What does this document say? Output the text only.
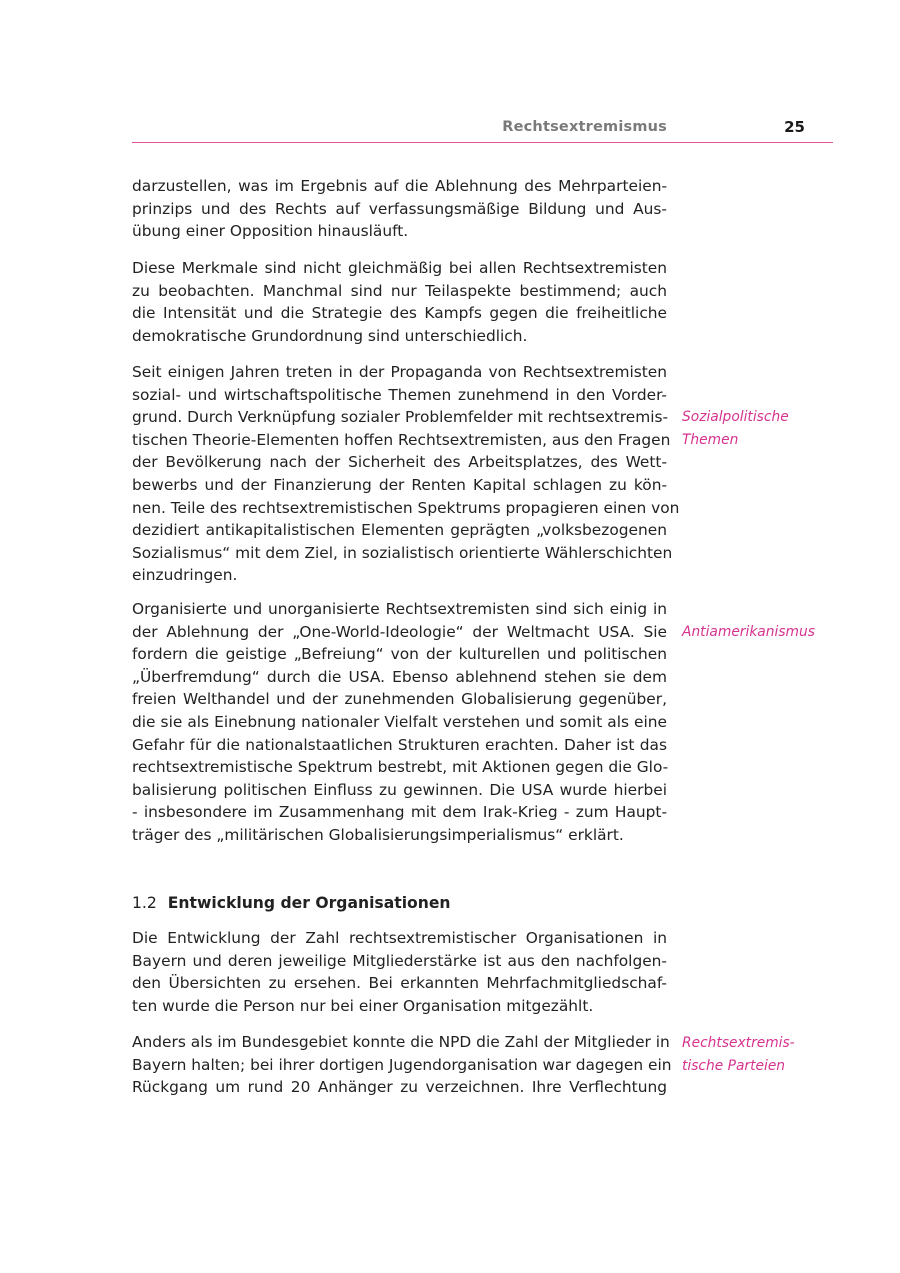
Rechtsextremismus	25

darzustellen, was im Ergebnis auf die Ablehnung des Mehrparteien-
prinzips und des Rechts auf verfassungsmäßige Bildung und Aus-
übung einer Opposition hinausläuft.

Diese Merkmale sind nicht gleichmäßig bei allen Rechtsextremisten
zu beobachten. Manchmal sind nur Teilaspekte bestimmend; auch
die Intensität und die Strategie des Kampfs gegen die freiheitliche
demokratische Grundordnung sind unterschiedlich.

Seit einigen Jahren treten in der Propaganda von Rechtsextremisten
sozial- und wirtschaftspolitische Themen zunehmend in den Vorder-
grund. Durch Verknüpfung sozialer Problemfelder mit rechtsextremis-
tischen Theorie-Elementen hoffen Rechtsextremisten, aus den Fragen
der Bevölkerung nach der Sicherheit des Arbeitsplatzes, des Wett-
bewerbs und der Finanzierung der Renten Kapital schlagen zu kön-
nen. Teile des rechtsextremistischen Spektrums propagieren einen von
dezidiert antikapitalistischen Elementen geprägten „volksbezogenen
Sozialismus“ mit dem Ziel, in sozialistisch orientierte Wählerschichten
einzudringen.

Organisierte und unorganisierte Rechtsextremisten sind sich einig in
der Ablehnung der „One-World-Ideologie“ der Weltmacht USA. Sie
fordern die geistige „Befreiung“ von der kulturellen und politischen
„Überfremdung“ durch die USA. Ebenso ablehnend stehen sie dem
freien Welthandel und der zunehmenden Globalisierung gegenüber,
die sie als Einebnung nationaler Vielfalt verstehen und somit als eine
Gefahr für die nationalstaatlichen Strukturen erachten. Daher ist das
rechtsextremistische Spektrum bestrebt, mit Aktionen gegen die Glo-
balisierung politischen Einfluss zu gewinnen. Die USA wurde hierbei
- insbesondere im Zusammenhang mit dem Irak-Krieg - zum Haupt-
träger des „militärischen Globalisierungsimperialismus“ erklärt.

1.2 Entwicklung der Organisationen

Die Entwicklung der Zahl rechtsextremistischer Organisationen in
Bayern und deren jeweilige Mitgliederstärke ist aus den nachfolgen-
den Übersichten zu ersehen. Bei erkannten Mehrfachmitgliedschaf-
ten wurde die Person nur bei einer Organisation mitgezählt.

Anders als im Bundesgebiet konnte die NPD die Zahl der Mitglieder in
Bayern halten; bei ihrer dortigen Jugendorganisation war dagegen ein
Rückgang um rund 20 Anhänger zu verzeichnen. Ihre Verflechtung

Sozialpolitische
Themen
Antiamerikanismus
Rechtsextremis-
tische Parteien
